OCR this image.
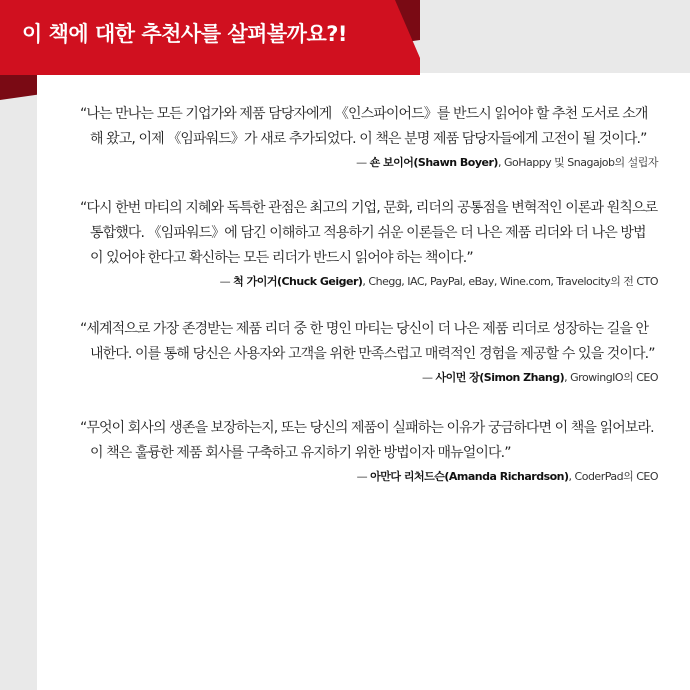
이 책에 대한 추천사를 살펴볼까요?!

“나는 만나는 모든 기업가와 제품 담당자에게 《인스파이어드》를 반드시 읽어야 할 추천 도서로 소개해 왔고, 이제 《임파워드》가 새로 추가되었다. 이 책은 분명 제품 담당자들에게 고전이 될 것이다.”

— 숀 보이어(Shawn Boyer), GoHappy 및 Snagajob의 설립자

“다시 한번 마티의 지혜와 독특한 관점은 최고의 기업, 문화, 리더의 공통점을 변혁적인 이론과 원칙으로 통합했다. 《임파워드》에 담긴 이해하고 적용하기 쉬운 이론들은 더 나은 제품 리더와 더 나은 방법이 있어야 한다고 확신하는 모든 리더가 반드시 읽어야 하는 책이다.”

— 척 가이거(Chuck Geiger), Chegg, IAC, PayPal, eBay, Wine.com, Travelocity의 전 CTO

“세계적으로 가장 존경받는 제품 리더 중 한 명인 마티는 당신이 더 나은 제품 리더로 성장하는 길을 안내한다. 이를 통해 당신은 사용자와 고객을 위한 만족스럽고 매력적인 경험을 제공할 수 있을 것이다.”

— 사이먼 장(Simon Zhang), GrowingIO의 CEO

“무엇이 회사의 생존을 보장하는지, 또는 당신의 제품이 실패하는 이유가 궁금하다면 이 책을 읽어보라. 이 책은 훌륭한 제품 회사를 구축하고 유지하기 위한 방법이자 매뉴얼이다.”

— 아만다 리처드슨(Amanda Richardson), CoderPad의 CEO
